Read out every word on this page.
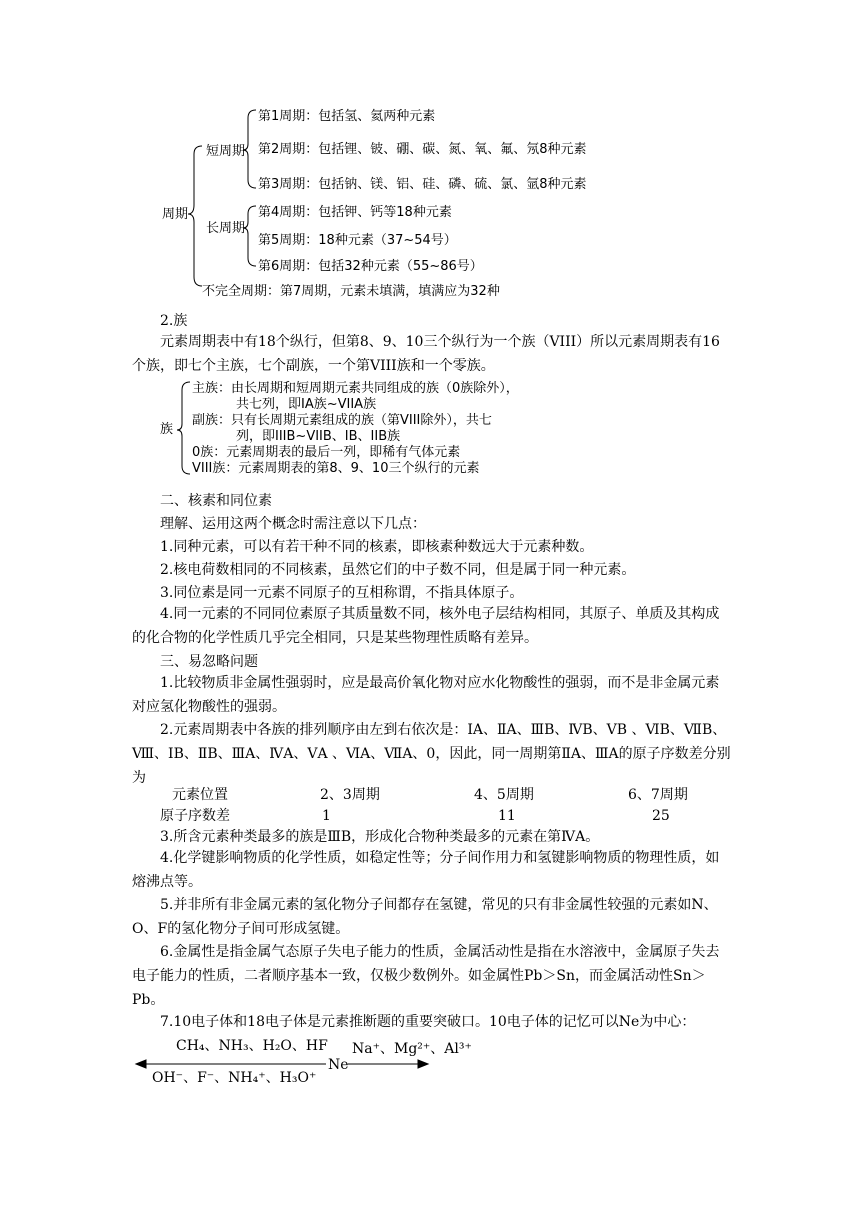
周期
短周期
长周期
第1周期：包括氢、氦两种元素
第2周期：包括锂、铍、硼、碳、氮、氧、氟、氖8种元素
第3周期：包括钠、镁、铝、硅、磷、硫、氯、氩8种元素
第4周期：包括钾、钙等18种元素
第5周期：18种元素（37~54号）
第6周期：包括32种元素（55~86号）
不完全周期：第7周期，元素未填满，填满应为32种
2.族
元素周期表中有18个纵行，但第8、9、10三个纵行为一个族（VIII）所以元素周期表有16个族，即七个主族，七个副族，一个第VIII族和一个零族。
族
主族：由长周期和短周期元素共同组成的族（0族除外），
共七列，即IA族~VIIA族
副族：只有长周期元素组成的族（第VIII除外），共七
列，即IIIB~VIIB、IB、IIB族
0族：元素周期表的最后一列，即稀有气体元素
VIII族：元素周期表的第8、9、10三个纵行的元素
二、核素和同位素
理解、运用这两个概念时需注意以下几点：
1.同种元素，可以有若干种不同的核素，即核素种数远大于元素种数。
2.核电荷数相同的不同核素，虽然它们的中子数不同，但是属于同一种元素。
3.同位素是同一元素不同原子的互相称谓，不指具体原子。
4.同一元素的不同同位素原子其质量数不同，核外电子层结构相同，其原子、单质及其构成的化合物的化学性质几乎完全相同，只是某些物理性质略有差异。
三、易忽略问题
1.比较物质非金属性强弱时，应是最高价氧化物对应水化物酸性的强弱，而不是非金属元素对应氢化物酸性的强弱。
2.元素周期表中各族的排列顺序由左到右依次是：ⅠA、ⅡA、ⅢB、ⅣB、ⅤB 、ⅥB、ⅦB、Ⅷ、ⅠB、ⅡB、ⅢA、ⅣA、ⅤA 、ⅥA、ⅦA、0，因此，同一周期第ⅡA、ⅢA的原子序数差分别为
元素位置	2、3周期	4、5周期	6、7周期
原子序数差	1	11	25
3.所含元素种类最多的族是ⅢB，形成化合物种类最多的元素在第ⅣA。
4.化学键影响物质的化学性质，如稳定性等；分子间作用力和氢键影响物质的物理性质，如熔沸点等。
5.并非所有非金属元素的氢化物分子间都存在氢键，常见的只有非金属性较强的元素如N、O、F的氢化物分子间可形成氢键。
6.金属性是指金属气态原子失电子能力的性质，金属活动性是指在水溶液中，金属原子失去电子能力的性质，二者顺序基本一致，仅极少数例外。如金属性Pb＞Sn，而金属活动性Sn＞Pb。
7.10电子体和18电子体是元素推断题的重要突破口。10电子体的记忆可以Ne为中心：
CH₄、NH₃、H₂O、HF Na⁺、Mg²⁺、Al³⁺
Ne
OH⁻、F⁻、NH₄⁺、H₃O⁺
